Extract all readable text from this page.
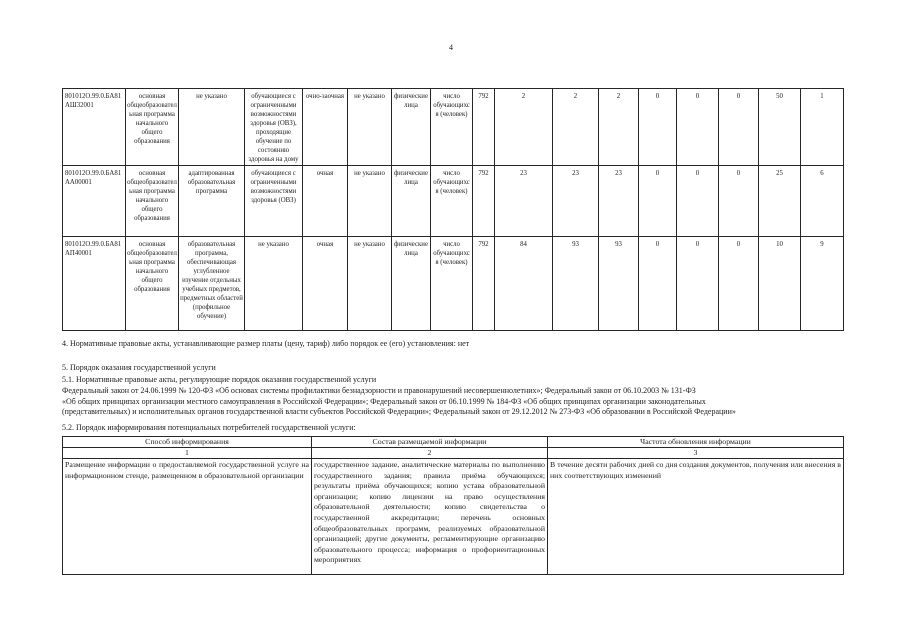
4
801012О.99.0.БА81АШ32001	основная общеобразовательная программа начального общего образования	не указано	обучающиеся с ограниченными возможностями здоровья (ОВЗ), проходящие обучение по состоянию здоровья на дому	очно-заочная	не указано	физические лица	число обучающихся (человек)	792	2	2	2	0	0	0	50	1
801012О.99.0.БА81АА00001	основная общеобразовательная программа начального общего образования	адаптированная образовательная программа	обучающиеся с ограниченными возможностями здоровья (ОВЗ)	очная	не указано	физические лица	число обучающихся (человек)	792	23	23	23	0	0	0	25	6
801012О.99.0.БА81АП40001	основная общеобразовательная программа начального общего образования	образовательная программа, обеспечивающая углубленное изучение отдельных учебных предметов, предметных областей (профильное обучение)	не указано	очная	не указано	физические лица	число обучающихся (человек)	792	84	93	93	0	0	0	10	9
4. Нормативные правовые акты, устанавливающие размер платы (цену, тариф) либо порядок ее (его) установления: нет
5. Порядок оказания государственной услуги
5.1. Нормативные правовые акты, регулирующие порядок оказания государственной услуги
Федеральный закон от 24.06.1999 № 120-ФЗ «Об основах системы профилактики безнадзорности и правонарушений несовершеннолетних»; Федеральный закон от 06.10.2003 № 131-ФЗ
«Об общих принципах организации местного самоуправления в Российской Федерации»; Федеральный закон от 06.10.1999 № 184-ФЗ «Об общих принципах организации законодательных
(представительных) и исполнительных органов государственной власти субъектов Российской Федерации»; Федеральный закон от 29.12.2012 № 273-ФЗ «Об образовании в Российской Федерации»
5.2. Порядок информирования потенциальных потребителей государственной услуги:
Способ информирования	Состав размещаемой информации	Частота обновления информации
1	2	3
Размещение информации о предоставляемой государственной услуге на информационном стенде, размещенном в образовательной организации	государственное задание, аналитические материалы по выполнению государственного задания; правила приёма обучающихся; результаты приёма обучающихся; копию устава образовательной организации; копию лицензии на право осуществления образовательной деятельности; копию свидетельства о государственной аккредитации; перечень основных общеобразовательных программ, реализуемых образовательной организацией; другие документы, регламентирующие организацию образовательного процесса; информация о профориентационных мероприятиях	В течение десяти рабочих дней со дня создания документов, получения или внесения в них соответствующих изменений
